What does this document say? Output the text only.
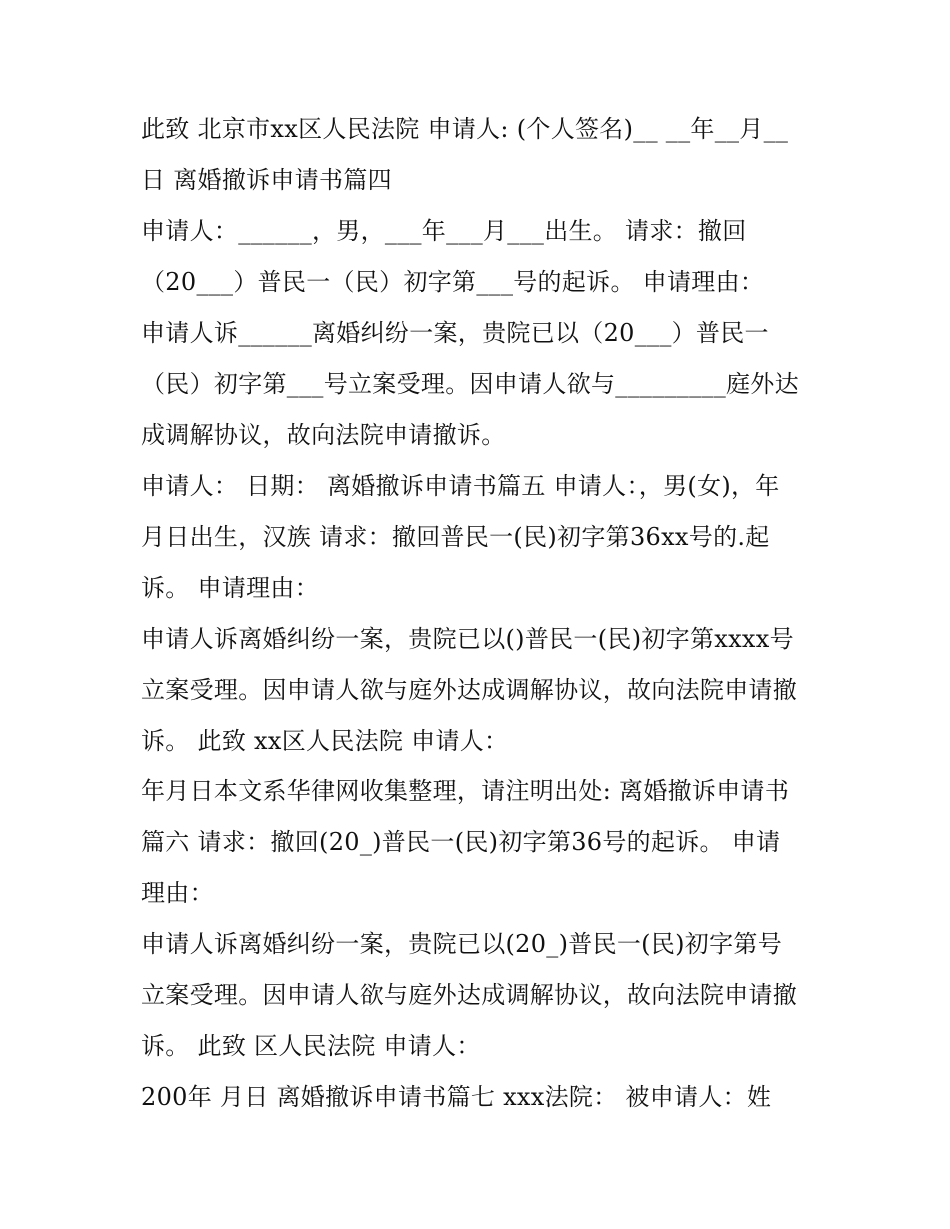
此致 北京市xx区人民法院 申请人: (个人签名)__ __年__月__
日 离婚撤诉申请书篇四
申请人：______，男，___年___月___出生。 请求：撤回
（20___）普民一（民）初字第___号的起诉。 申请理由：
申请人诉______离婚纠纷一案，贵院已以（20___）普民一
（民）初字第___号立案受理。因申请人欲与_________庭外达
成调解协议，故向法院申请撤诉。
申请人： 日期： 离婚撤诉申请书篇五 申请人：，男(女)，年
月日出生，汉族 请求：撤回普民一(民)初字第36xx号的.起
诉。 申请理由：
申请人诉离婚纠纷一案，贵院已以()普民一(民)初字第xxxx号
立案受理。因申请人欲与庭外达成调解协议，故向法院申请撤
诉。 此致 xx区人民法院 申请人：
年月日本文系华律网收集整理，请注明出处: 离婚撤诉申请书
篇六 请求：撤回(20_)普民一(民)初字第36号的起诉。 申请
理由：
申请人诉离婚纠纷一案，贵院已以(20_)普民一(民)初字第号
立案受理。因申请人欲与庭外达成调解协议，故向法院申请撤
诉。 此致 区人民法院 申请人：
200年 月日 离婚撤诉申请书篇七 xxx法院： 被申请人：姓
